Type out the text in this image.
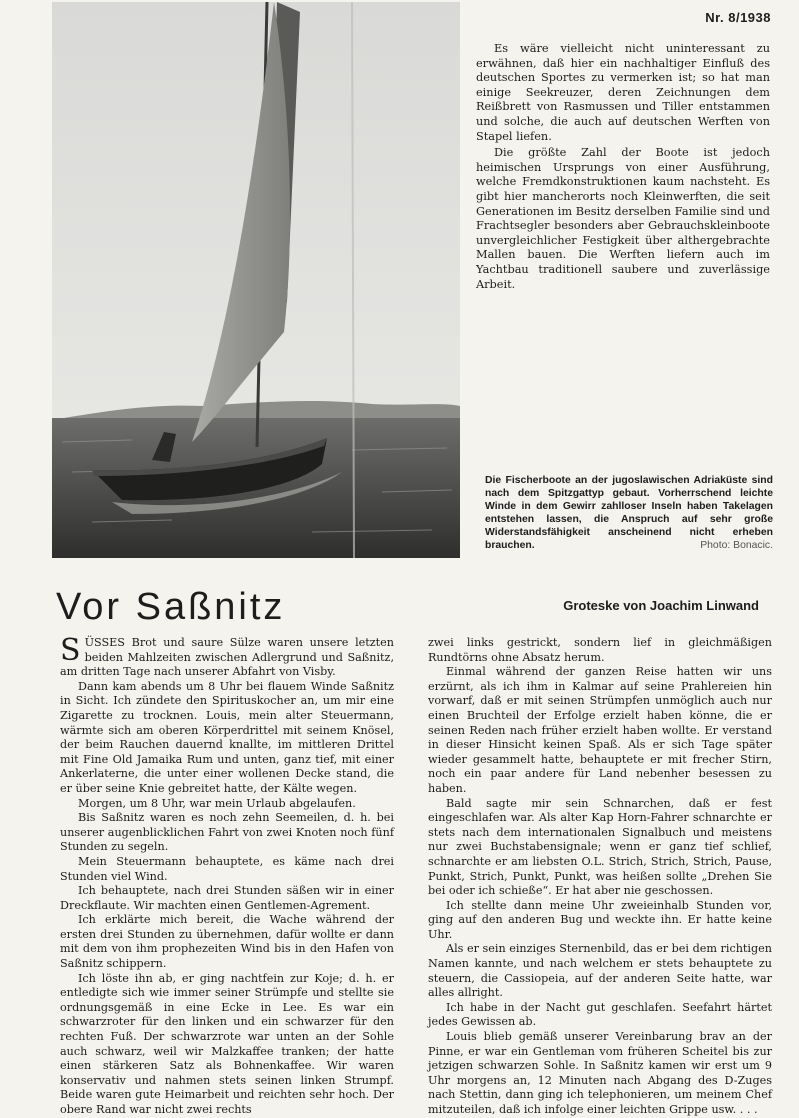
Nr. 8/1938

Es wäre vielleicht nicht uninteressant zu erwähnen, daß hier ein nachhaltiger Einfluß des deutschen Sportes zu vermerken ist; so hat man einige Seekreuzer, deren Zeichnungen dem Reißbrett von Rasmussen und Tiller entstammen und solche, die auch auf deutschen Werften von Stapel liefen.

Die größte Zahl der Boote ist jedoch heimischen Ursprungs von einer Ausführung, welche Fremdkonstruktionen kaum nachsteht. Es gibt hier mancherorts noch Kleinwerften, die seit Generationen im Besitz derselben Familie sind und Frachtsegler besonders aber Gebrauchskleinboote unvergleichlicher Festigkeit über althergebrachte Mallen bauen. Die Werften liefern auch im Yachtbau traditionell saubere und zuverlässige Arbeit.

Die Fischerboote an der jugoslawischen Adriaküste sind nach dem Spitzgattyp gebaut. Vorherrschend leichte Winde in dem Gewirr zahlloser Inseln haben Takelagen entstehen lassen, die Anspruch auf sehr große Widerstandsfähigkeit anscheinend nicht erheben brauchen.	Photo: Bonacic.
Vor Saßnitz	Groteske von Joachim Linwand

SÜSSES Brot und saure Sülze waren unsere letzten beiden Mahlzeiten zwischen Adlergrund und Saßnitz, am dritten Tage nach unserer Abfahrt von Visby.

Dann kam abends um 8 Uhr bei flauem Winde Saßnitz in Sicht. Ich zündete den Spirituskocher an, um mir eine Zigarette zu trocknen. Louis, mein alter Steuermann, wärmte sich am oberen Körperdrittel mit seinem Knösel, der beim Rauchen dauernd knallte, im mittleren Drittel mit Fine Old Jamaika Rum und unten, ganz tief, mit einer Ankerlaterne, die unter einer wollenen Decke stand, die er über seine Knie gebreitet hatte, der Kälte wegen.

Morgen, um 8 Uhr, war mein Urlaub abgelaufen.

Bis Saßnitz waren es noch zehn Seemeilen, d. h. bei unserer augenblicklichen Fahrt von zwei Knoten noch fünf Stunden zu segeln.

Mein Steuermann behauptete, es käme nach drei Stunden viel Wind.

Ich behauptete, nach drei Stunden säßen wir in einer Dreckflaute. Wir machten einen Gentlemen-Agrement.

Ich erklärte mich bereit, die Wache während der ersten drei Stunden zu übernehmen, dafür wollte er dann mit dem von ihm prophezeiten Wind bis in den Hafen von Saßnitz schippern.

Ich löste ihn ab, er ging nachtfein zur Koje; d. h. er entledigte sich wie immer seiner Strümpfe und stellte sie ordnungsgemäß in eine Ecke in Lee. Es war ein schwarzroter für den linken und ein schwarzer für den rechten Fuß. Der schwarzrote war unten an der Sohle auch schwarz, weil wir Malzkaffee tranken; der hatte einen stärkeren Satz als Bohnenkaffee. Wir waren konservativ und nahmen stets seinen linken Strumpf. Beide waren gute Heimarbeit und reichten sehr hoch. Der obere Rand war nicht zwei rechts

zwei links gestrickt, sondern lief in gleichmäßigen Rundtörns ohne Absatz herum.

Einmal während der ganzen Reise hatten wir uns erzürnt, als ich ihm in Kalmar auf seine Prahlereien hin vorwarf, daß er mit seinen Strümpfen unmöglich auch nur einen Bruchteil der Erfolge erzielt haben könne, die er seinen Reden nach früher erzielt haben wollte. Er verstand in dieser Hinsicht keinen Spaß. Als er sich Tage später wieder gesammelt hatte, behauptete er mit frecher Stirn, noch ein paar andere für Land nebenher besessen zu haben.

Bald sagte mir sein Schnarchen, daß er fest eingeschlafen war. Als alter Kap Horn-Fahrer schnarchte er stets nach dem internationalen Signalbuch und meistens nur zwei Buchstabensignale; wenn er ganz tief schlief, schnarchte er am liebsten O.L. Strich, Strich, Strich, Pause, Punkt, Strich, Punkt, Punkt, was heißen sollte „Drehen Sie bei oder ich schieße“. Er hat aber nie geschossen.

Ich stellte dann meine Uhr zweieinhalb Stunden vor, ging auf den anderen Bug und weckte ihn. Er hatte keine Uhr.

Als er sein einziges Sternenbild, das er bei dem richtigen Namen kannte, und nach welchem er stets behauptete zu steuern, die Cassiopeia, auf der anderen Seite hatte, war alles allright.

Ich habe in der Nacht gut geschlafen. Seefahrt härtet jedes Gewissen ab.

Louis blieb gemäß unserer Vereinbarung brav an der Pinne, er war ein Gentleman vom früheren Scheitel bis zur jetzigen schwarzen Sohle. In Saßnitz kamen wir erst um 9 Uhr morgens an, 12 Minuten nach Abgang des D-Zuges nach Stettin, dann ging ich telephonieren, um meinem Chef mitzuteilen, daß ich infolge einer leichten Grippe usw. . . .
